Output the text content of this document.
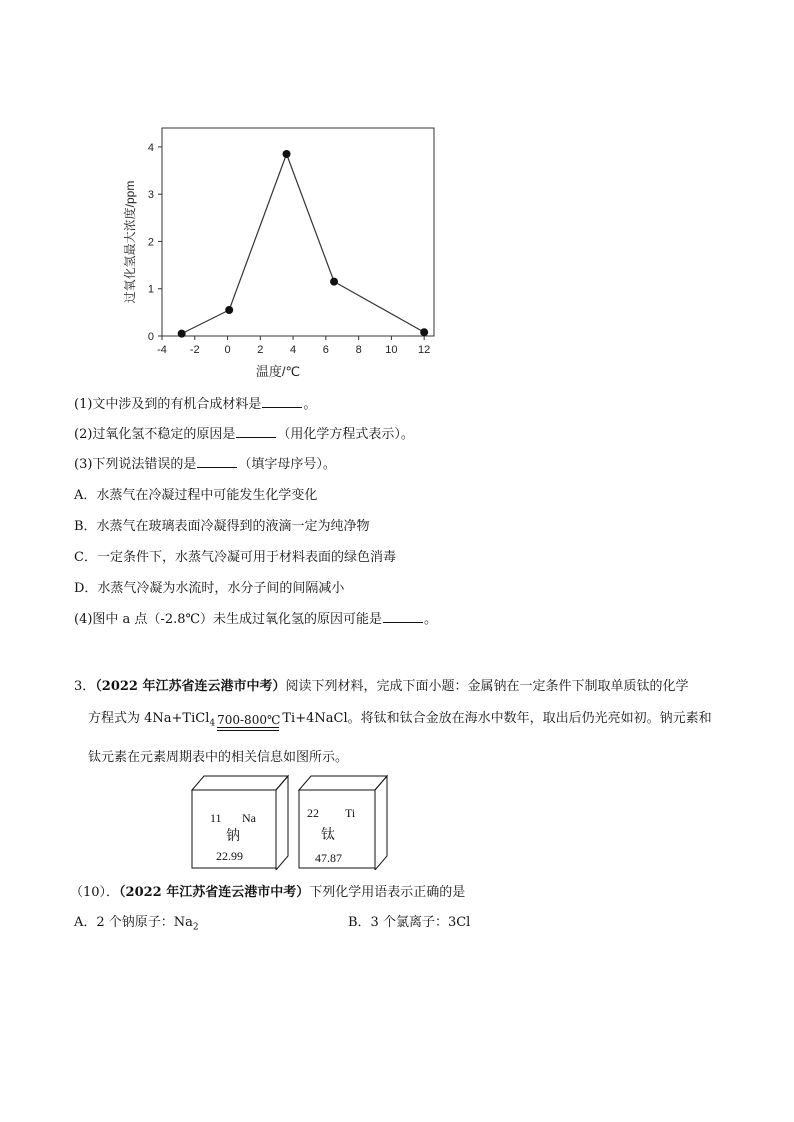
-4 -2 0 2 4 6 8 10 12
0
1
2
3
4
温度/℃
过氧化氢最大浓度/ppm
(1)文中涉及到的有机合成材料是	。
(2)过氧化氢不稳定的原因是	（用化学方程式表示）。
(3)下列说法错误的是	（填字母序号）。
A．水蒸气在冷凝过程中可能发生化学变化
B．水蒸气在玻璃表面冷凝得到的液滴一定为纯净物
C．一定条件下，水蒸气冷凝可用于材料表面的绿色消毒
D．水蒸气冷凝为水流时，水分子间的间隔减小
(4)图中 a 点（-2.8℃）未生成过氧化氢的原因可能是	。
3．（2022 年江苏省连云港市中考）阅读下列材料，完成下面小题：金属钠在一定条件下制取单质钛的化学
方程式为 4Na+TiCl$_4$ 700-800℃ Ti+4NaCl。将钛和钛合金放在海水中数年，取出后仍光亮如初。钠元素和
钛元素在元素周期表中的相关信息如图所示。
11 Na
钠
22.99
22 Ti
钛
47.87
（10）．（2022 年江苏省连云港市中考）下列化学用语表示正确的是
A．2 个钠原子：$Na_2$	B．3 个氯离子：3Cl
